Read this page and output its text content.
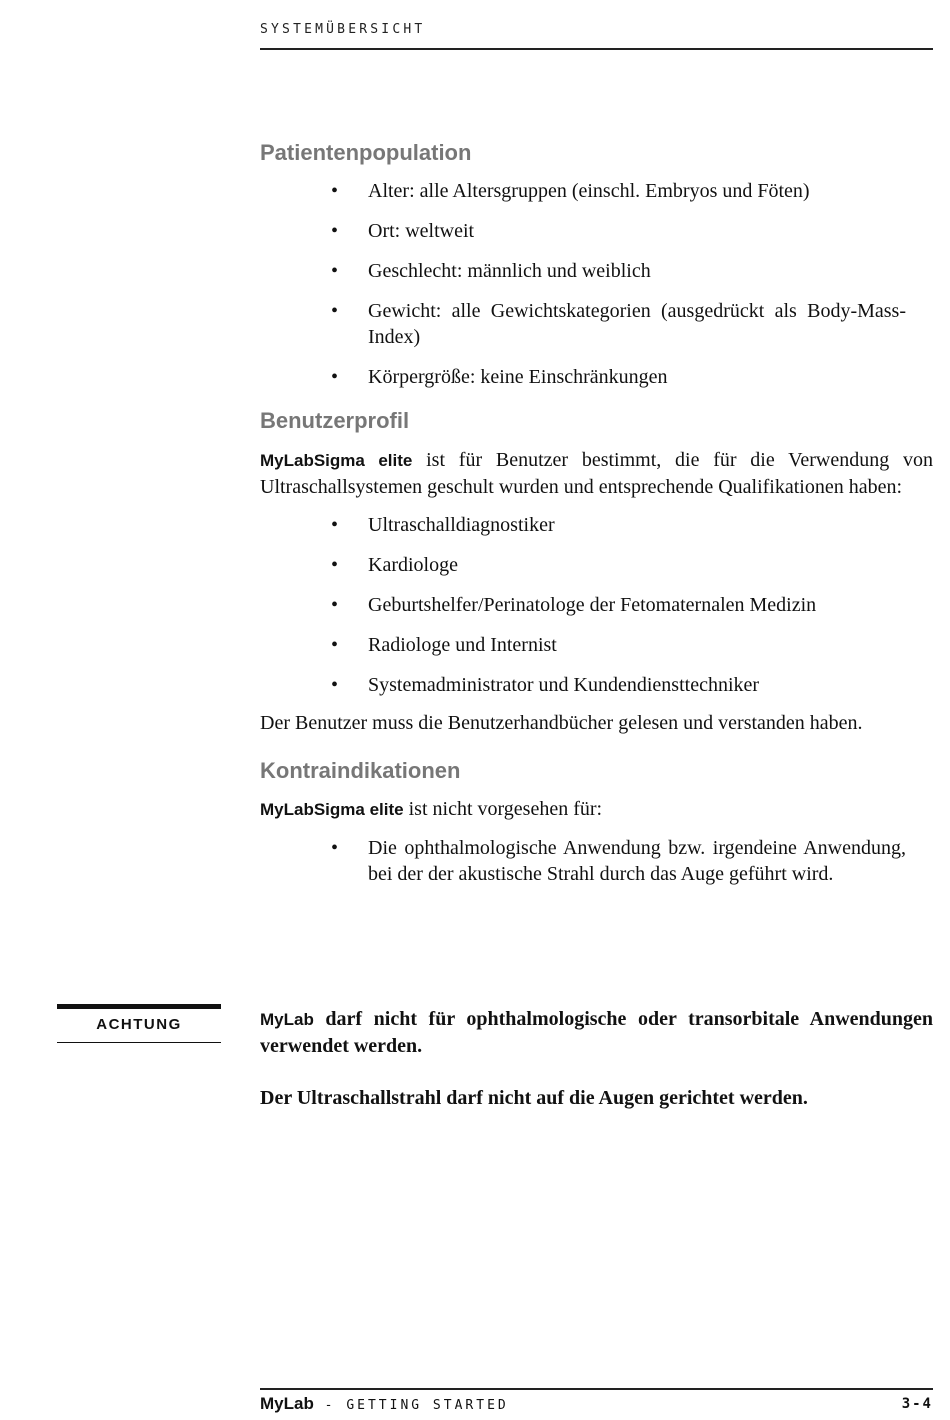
SYSTEMÜBERSICHT
Patientenpopulation
• Alter: alle Altersgruppen (einschl. Embryos und Föten)
• Ort: weltweit
• Geschlecht: männlich und weiblich
• Gewicht: alle Gewichtskategorien (ausgedrückt als Body-Mass-Index)
• Körpergröße: keine Einschränkungen
Benutzerprofil

MyLabSigma elite ist für Benutzer bestimmt, die für die Verwendung von Ultraschallsystemen geschult wurden und entsprechende Qualifikationen haben:

• Ultraschalldiagnostiker
• Kardiologe
• Geburtshelfer/Perinatologe der Fetomaternalen Medizin
• Radiologe und Internist
• Systemadministrator und Kundendiensttechniker

Der Benutzer muss die Benutzerhandbücher gelesen und verstanden haben.

Kontraindikationen

MyLabSigma elite ist nicht vorgesehen für:

• Die ophthalmologische Anwendung bzw. irgendeine Anwendung, bei der der akustische Strahl durch das Auge geführt wird.
ACHTUNG	MyLab darf nicht für ophthalmologische oder transorbitale Anwendungen verwendet werden.

Der Ultraschallstrahl darf nicht auf die Augen gerichtet werden.

MyLab - GETTING STARTED	3-4
